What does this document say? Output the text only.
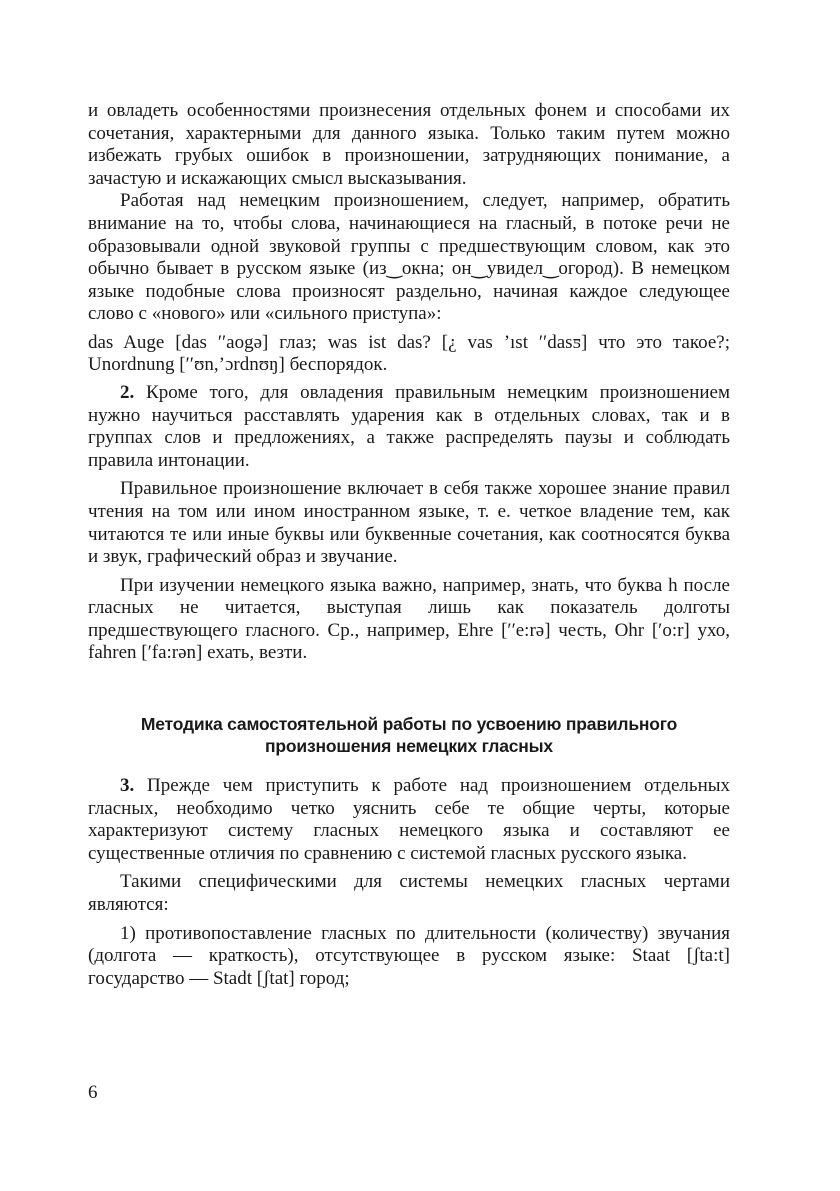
и овладеть особенностями произнесения отдельных фонем и способами их сочетания, характерными для данного языка. Только таким путем можно избежать грубых ошибок в произношении, затрудняющих понимание, а зачастую и искажающих смысл высказывания.

Работая над немецким произношением, следует, например, обратить внимание на то, чтобы слова, начинающиеся на гласный, в потоке речи не образовывали одной звуковой группы с предшествующим словом, как это обычно бывает в русском языке (из‿окна; он‿увидел‿огород). В немецком языке подобные слова произносят раздельно, начиная каждое следующее слово с «нового» или «сильного приступа»:

das Auge [das ′′aogə] глаз; was ist das? [¿ vas ’ıst ′′dasƽ] что это такое?; Unordnung [′′ʊn,’ɔrdnʊŋ] беспорядок.

2. Кроме того, для овладения правильным немецким произношением нужно научиться расставлять ударения как в отдельных словах, так и в группах слов и предложениях, а также распределять паузы и соблюдать правила интонации.

Правильное произношение включает в себя также хорошее знание правил чтения на том или ином иностранном языке, т. е. четкое владение тем, как читаются те или иные буквы или буквенные сочетания, как соотносятся буква и звук, графический образ и звучание.

При изучении немецкого языка важно, например, знать, что буква h после гласных не читается, выступая лишь как показатель долготы предшествующего гласного. Ср., например, Ehre [′′e:rə] честь, Ohr [′o:r] ухо, fahren [′fa:rən] ехать, везти.

Методика самостоятельной работы по усвоению правильного произношения немецких гласных

3. Прежде чем приступить к работе над произношением отдельных гласных, необходимо четко уяснить себе те общие черты, которые характеризуют систему гласных немецкого языка и составляют ее существенные отличия по сравнению с системой гласных русского языка.

Такими специфическими для системы немецких гласных чертами являются:

1) противопоставление гласных по длительности (количеству) звучания (долгота — краткость), отсутствующее в русском языке: Staat [ʃta:t] государство — Stadt [ʃtat] город;

6
